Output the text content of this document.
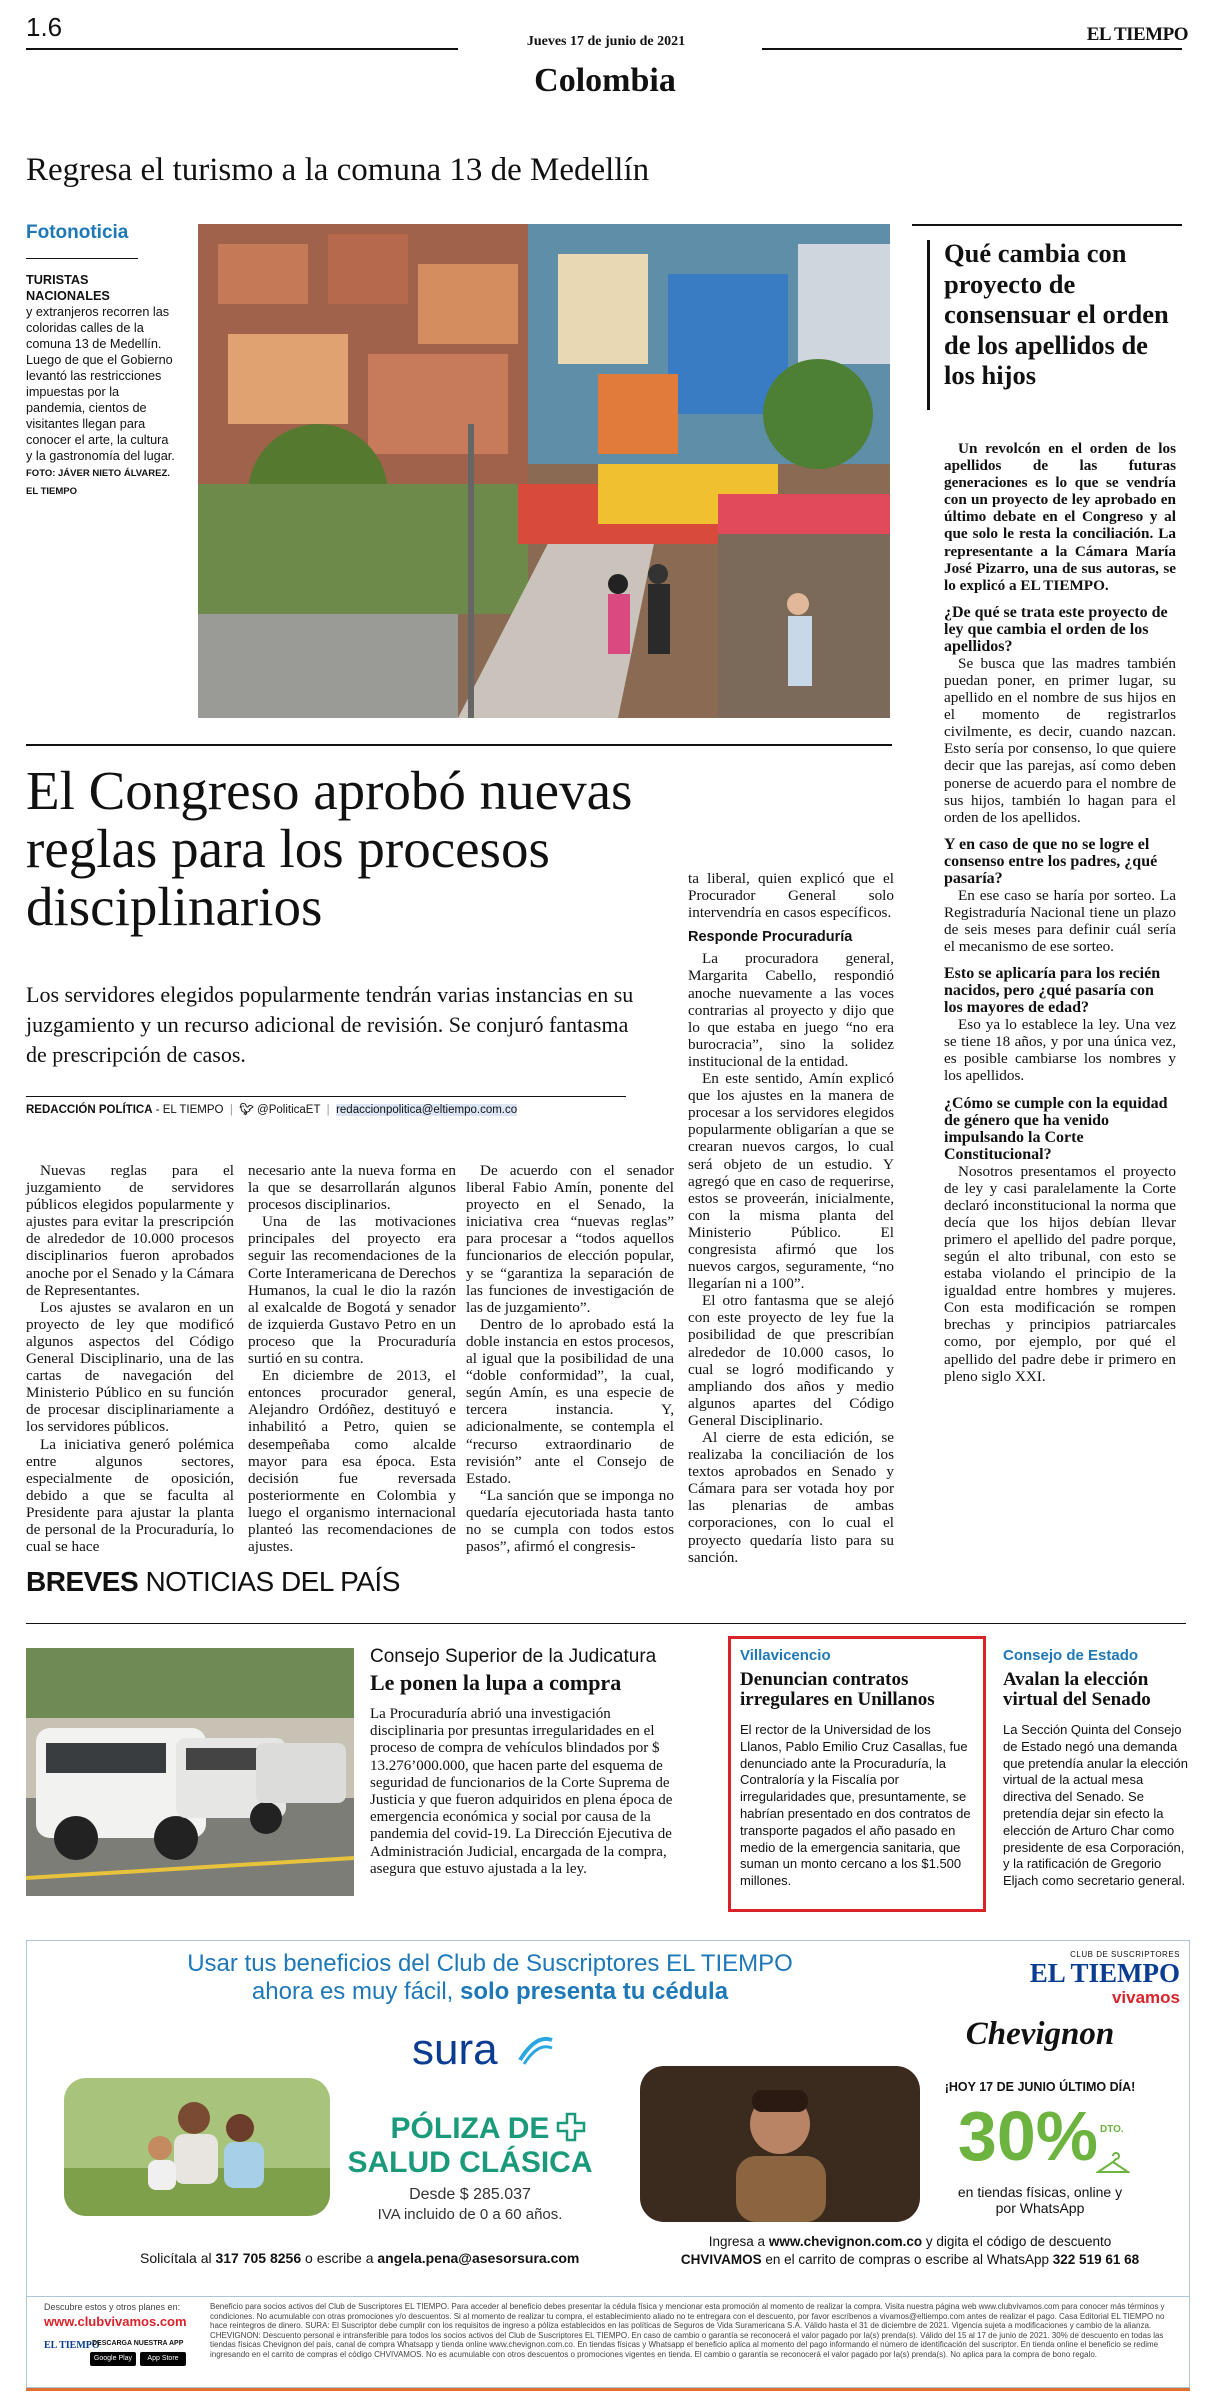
1.6	Jueves 17 de junio de 2021	EL TIEMPO
Colombia
Regresa el turismo a la comuna 13 de Medellín
Fotonoticia
TURISTAS NACIONALES
y extranjeros recorren las coloridas calles de la comuna 13 de Medellín. Luego de que el Gobierno levantó las restricciones impuestas por la pandemia, cientos de visitantes llegan para conocer el arte, la cultura y la gastronomía del lugar. FOTO: JÁVER NIETO ÁLVAREZ. EL TIEMPO
Qué cambia con proyecto de consensuar el orden de los apellidos de los hijos

Un revolcón en el orden de los apellidos de las futuras generaciones es lo que se vendría con un proyecto de ley aprobado en último debate en el Congreso y al que solo le resta la conciliación. La representante a la Cámara María José Pizarro, una de sus autoras, se lo explicó a EL TIEMPO.

¿De qué se trata este proyecto de ley que cambia el orden de los apellidos?

Se busca que las madres también puedan poner, en primer lugar, su apellido en el nombre de sus hijos en el momento de registrarlos civilmente, es decir, cuando nazcan. Esto sería por consenso, lo que quiere decir que las parejas, así como deben ponerse de acuerdo para el nombre de sus hijos, también lo hagan para el orden de los apellidos.

Y en caso de que no se logre el consenso entre los padres, ¿qué pasaría?

En ese caso se haría por sorteo. La Registraduría Nacional tiene un plazo de seis meses para definir cuál sería el mecanismo de ese sorteo.

Esto se aplicaría para los recién nacidos, pero ¿qué pasaría con los mayores de edad?

Eso ya lo establece la ley. Una vez se tiene 18 años, y por una única vez, es posible cambiarse los nombres y los apellidos.

¿Cómo se cumple con la equidad de género que ha venido impulsando la Corte Constitucional?

Nosotros presentamos el proyecto de ley y casi paralelamente la Corte declaró inconstitucional la norma que decía que los hijos debían llevar primero el apellido del padre porque, según el alto tribunal, con esto se estaba violando el principio de la igualdad entre hombres y mujeres. Con esta modificación se rompen brechas y principios patriarcales como, por ejemplo, por qué el apellido del padre debe ir primero en pleno siglo XXI.

El Congreso aprobó nuevas reglas para los procesos disciplinarios
Los servidores elegidos popularmente tendrán varias instancias en su juzgamiento y un recurso adicional de revisión. Se conjuró fantasma de prescripción de casos.
REDACCIÓN POLÍTICA - EL TIEMPO  |  🐦︎ @PoliticaET  |  redaccionpolitica@eltiempo.com.co

Nuevas reglas para el juzgamiento de servidores públicos elegidos popularmente y ajustes para evitar la prescripción de alrededor de 10.000 procesos disciplinarios fueron aprobados anoche por el Senado y la Cámara de Representantes.

Los ajustes se avalaron en un proyecto de ley que modificó algunos aspectos del Código General Disciplinario, una de las cartas de navegación del Ministerio Público en su función de procesar disciplinariamente a los servidores públicos.

La iniciativa generó polémica entre algunos sectores, especialmente de oposición, debido a que se faculta al Presidente para ajustar la planta de personal de la Procuraduría, lo cual se hace

necesario ante la nueva forma en la que se desarrollarán algunos procesos disciplinarios.

Una de las motivaciones principales del proyecto era seguir las recomendaciones de la Corte Interamericana de Derechos Humanos, la cual le dio la razón al exalcalde de Bogotá y senador de izquierda Gustavo Petro en un proceso que la Procuraduría surtió en su contra.

En diciembre de 2013, el entonces procurador general, Alejandro Ordóñez, destituyó e inhabilitó a Petro, quien se desempeñaba como alcalde mayor para esa época. Esta decisión fue reversada posteriormente en Colombia y luego el organismo internacional planteó las recomendaciones de ajustes.

De acuerdo con el senador liberal Fabio Amín, ponente del proyecto en el Senado, la iniciativa crea “nuevas reglas” para procesar a “todos aquellos funcionarios de elección popular, y se “garantiza la separación de las funciones de investigación de las de juzgamiento”.

Dentro de lo aprobado está la doble instancia en estos procesos, al igual que la posibilidad de una “doble conformidad”, la cual, según Amín, es una especie de tercera instancia. Y, adicionalmente, se contempla el “recurso extraordinario de revisión” ante el Consejo de Estado.

“La sanción que se imponga no quedaría ejecutoriada hasta tanto no se cumpla con todos estos pasos”, afirmó el congresis-

ta liberal, quien explicó que el Procurador General solo intervendría en casos específicos.

Responde Procuraduría

La procuradora general, Margarita Cabello, respondió anoche nuevamente a las voces contrarias al proyecto y dijo que lo que estaba en juego “no era burocracia”, sino la solidez institucional de la entidad.

En este sentido, Amín explicó que los ajustes en la manera de procesar a los servidores elegidos popularmente obligarían a que se crearan nuevos cargos, lo cual será objeto de un estudio. Y agregó que en caso de requerirse, estos se proveerán, inicialmente, con la misma planta del Ministerio Público. El congresista afirmó que los nuevos cargos, seguramente, “no llegarían ni a 100”.

El otro fantasma que se alejó con este proyecto de ley fue la posibilidad de que prescribían alrededor de 10.000 casos, lo cual se logró modificando y ampliando dos años y medio algunos apartes del Código General Disciplinario.

Al cierre de esta edición, se realizaba la conciliación de los textos aprobados en Senado y Cámara para ser votada hoy por las plenarias de ambas corporaciones, con lo cual el proyecto quedaría listo para su sanción.

BREVES NOTICIAS DEL PAÍS
Consejo Superior de la Judicatura
Le ponen la lupa a compra
La Procuraduría abrió una investigación disciplinaria por presuntas irregularidades en el proceso de compra de vehículos blindados por $ 13.276’000.000, que hacen parte del esquema de seguridad de funcionarios de la Corte Suprema de Justicia y que fueron adquiridos en plena época de emergencia económica y social por causa de la pandemia del covid-19. La Dirección Ejecutiva de Administración Judicial, encargada de la compra, asegura que estuvo ajustada a la ley.
Villavicencio
Denuncian contratos irregulares en Unillanos
El rector de la Universidad de los Llanos, Pablo Emilio Cruz Casallas, fue denunciado ante la Procuraduría, la Contraloría y la Fiscalía por irregularidades que, presuntamente, se habrían presentado en dos contratos de transporte pagados el año pasado en medio de la emergencia sanitaria, que suman un monto cercano a los $1.500 millones.
Consejo de Estado
Avalan la elección virtual del Senado
La Sección Quinta del Consejo de Estado negó una demanda que pretendía anular la elección virtual de la actual mesa directiva del Senado. Se pretendía dejar sin efecto la elección de Arturo Char como presidente de esa Corporación, y la ratificación de Gregorio Eljach como secretario general.
Usar tus beneficios del Club de Suscriptores EL TIEMPO
ahora es muy fácil, solo presenta tu cédula
CLUB DE SUSCRIPTORES
EL TIEMPO
vivamos
sura
PÓLIZA DE
SALUD CLÁSICA
Desde $ 285.037
IVA incluido de 0 a 60 años.
Solicítala al 317 705 8256 o escribe a angela.pena@asesorsura.com
Chevignon
¡HOY 17 DE JUNIO ÚLTIMO DÍA!
30% DTO.
en tiendas físicas, online y por WhatsApp
Ingresa a www.chevignon.com.co y digita el código de descuento
CHVIVAMOS en el carrito de compras o escribe al WhatsApp 322 519 61 68
Descubre estos y otros planes en:
www.clubvivamos.com
EL TIEMPO
DESCARGA NUESTRA APP
Google Play	App Store
Beneficio para socios activos del Club de Suscriptores EL TIEMPO. Para acceder al beneficio debes presentar la cédula física y mencionar esta promoción al momento de realizar la compra. Visita nuestra página web www.clubvivamos.com para conocer más términos y condiciones. No acumulable con otras promociones y/o descuentos. Si al momento de realizar tu compra, el establecimiento aliado no te entregara con el descuento, por favor escríbenos a vivamos@eltiempo.com antes de realizar el pago. Casa Editorial EL TIEMPO no hace reintegros de dinero. SURA: El Suscriptor debe cumplir con los requisitos de ingreso a póliza establecidos en las políticas de Seguros de Vida Suramericana S.A. Válido hasta el 31 de diciembre de 2021. Vigencia sujeta a modificaciones y cambio de la alianza. CHEVIGNON: Descuento personal e intransferible para todos los socios activos del Club de Suscriptores EL TIEMPO. En caso de cambio o garantía se reconocerá el valor pagado por la(s) prenda(s). Válido del 15 al 17 de junio de 2021. 30% de descuento en todas las tiendas físicas Chevignon del país, canal de compra Whatsapp y tienda online www.chevignon.com.co. En tiendas físicas y Whatsapp el beneficio aplica al momento del pago informando el número de identificación del suscriptor. En tienda online el beneficio se redime ingresando en el carrito de compras el código CHVIVAMOS. No es acumulable con otros descuentos o promociones vigentes en tienda. El cambio o garantía se reconocerá el valor pagado por la(s) prenda(s). No aplica para la compra de bono regalo.
